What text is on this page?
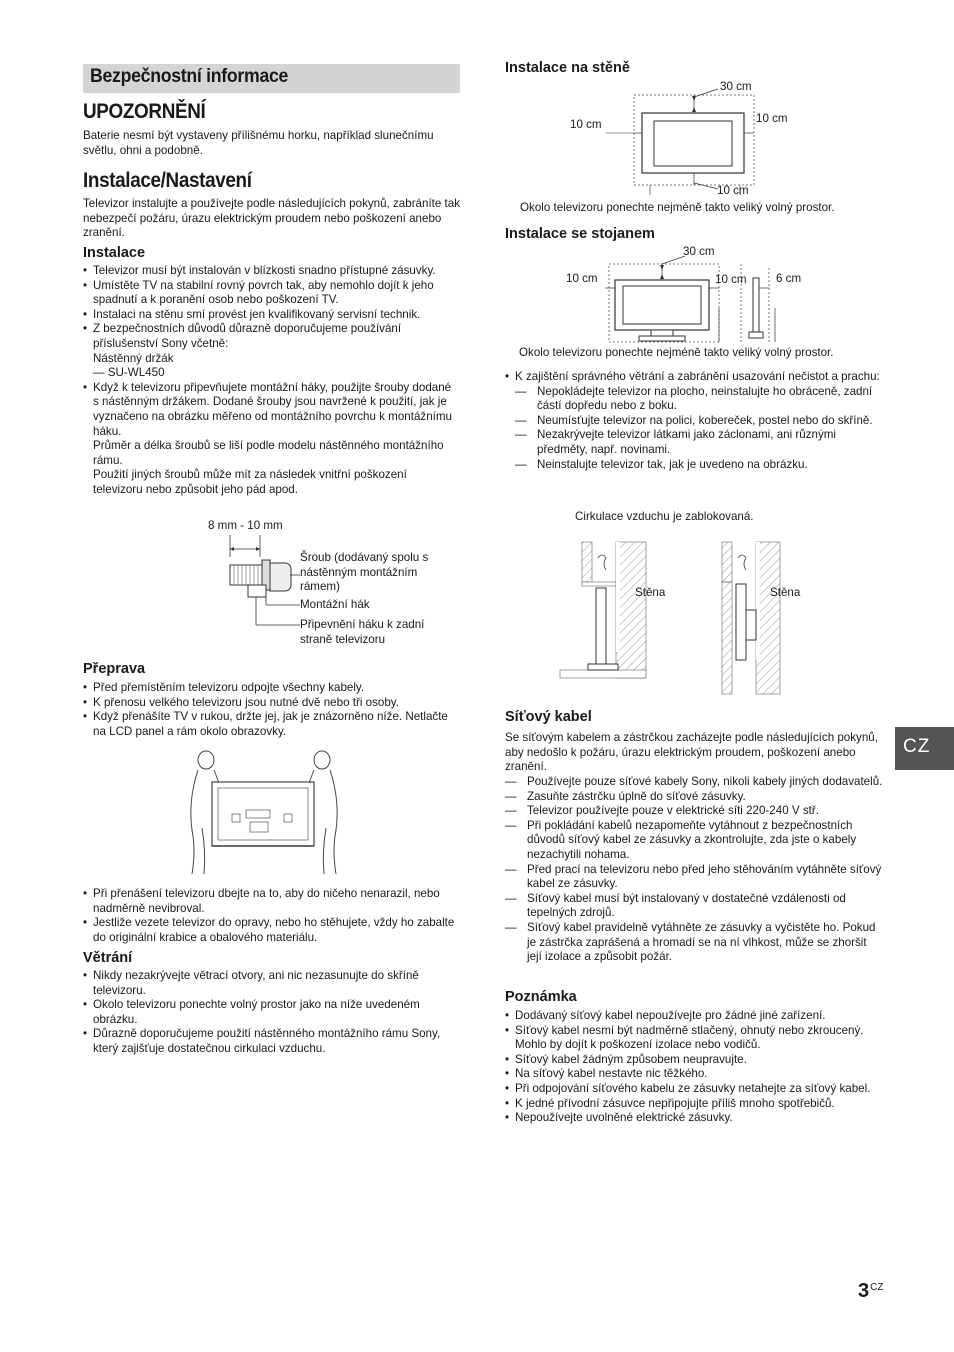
Bezpečnostní informace
UPOZORNĚNÍ

Baterie nesmí být vystaveny přílišnému horku, například slunečnímu světlu, ohni a podobně.

Instalace/Nastavení

Televizor instalujte a používejte podle následujících pokynů, zabráníte tak nebezpečí požáru, úrazu elektrickým proudem nebo poškození anebo zranění.

Instalace
• Televizor musí být instalován v blízkosti snadno přístupné zásuvky.
• Umístěte TV na stabilní rovný povrch tak, aby nemohlo dojít k jeho spadnutí a k poranění osob nebo poškození TV.
• Instalaci na stěnu smí provést jen kvalifikovaný servisní technik.
• Z bezpečnostních důvodů důrazně doporučujeme používání příslušenství Sony včetně:
Nástěnný držák
— SU-WL450
• Když k televizoru připevňujete montážní háky, použijte šrouby dodané s nástěnným držákem. Dodané šrouby jsou navržené k použití, jak je vyznačeno na obrázku měřeno od montážního povrchu k montážnímu háku.
Průměr a délka šroubů se liší podle modelu nástěnného montážního rámu.
Použití jiných šroubů může mít za následek vnitřní poškození televizoru nebo způsobit jeho pád apod.
8 mm - 10 mm
Šroub (dodávaný spolu s nástěnným montážním rámem)
Montážní hák
Připevnění háku k zadní straně televizoru
Přeprava
• Před přemístěním televizoru odpojte všechny kabely.
• K přenosu velkého televizoru jsou nutné dvě nebo tři osoby.
• Když přenášíte TV v rukou, držte jej, jak je znázorněno níže. Netlačte na LCD panel a rám okolo obrazovky.
• Při přenášení televizoru dbejte na to, aby do ničeho nenarazil, nebo nadměrně nevibroval.
• Jestliže vezete televizor do opravy, nebo ho stěhujete, vždy ho zabalte do originální krabice a obalového materiálu.
Větrání
• Nikdy nezakrývejte větrací otvory, ani nic nezasunujte do skříně televizoru.
• Okolo televizoru ponechte volný prostor jako na níže uvedeném obrázku.
• Důrazně doporučujeme použití nástěnného montážního rámu Sony, který zajišťuje dostatečnou cirkulaci vzduchu.
Instalace na stěně
30 cm
10 cm	10 cm
10 cm
Okolo televizoru ponechte nejméně takto veliký volný prostor.
Instalace se stojanem
30 cm
10 cm	10 cm	6 cm
Okolo televizoru ponechte nejméně takto veliký volný prostor.
• K zajištění správného větrání a zabránění usazování nečistot a prachu:
— Nepokládejte televizor na plocho, neinstalujte ho obráceně, zadní částí dopředu nebo z boku.
— Neumísťujte televizor na polici, kobereček, postel nebo do skříně.
— Nezakrývejte televizor látkami jako záclonami, ani různými předměty, např. novinami.
— Neinstalujte televizor tak, jak je uvedeno na obrázku.
Cirkulace vzduchu je zablokovaná.
Stěna	Stěna
Síťový kabel

Se síťovým kabelem a zástrčkou zacházejte podle následujících pokynů, aby nedošlo k požáru, úrazu elektrickým proudem, poškození anebo zranění.

— Používejte pouze síťové kabely Sony, nikoli kabely jiných dodavatelů.
— Zasuňte zástrčku úplně do síťové zásuvky.
— Televizor používejte pouze v elektrické síti 220-240 V stř.
— Při pokládání kabelů nezapomeňte vytáhnout z bezpečnostních důvodů síťový kabel ze zásuvky a zkontrolujte, zda jste o kabely nezachytili nohama.
— Před prací na televizoru nebo před jeho stěhováním vytáhněte síťový kabel ze zásuvky.
— Síťový kabel musí být instalovaný v dostatečné vzdálenosti od tepelných zdrojů.
— Síťový kabel pravidelně vytáhněte ze zásuvky a vyčistěte ho. Pokud je zástrčka zaprášená a hromadí se na ní vlhkost, může se zhoršit její izolace a způsobit požár.
Poznámka
• Dodávaný síťový kabel nepoužívejte pro žádné jiné zařízení.
• Síťový kabel nesmí být nadměrně stlačený, ohnutý nebo zkroucený. Mohlo by dojít k poškození izolace nebo vodičů.
• Síťový kabel žádným způsobem neupravujte.
• Na síťový kabel nestavte nic těžkého.
• Při odpojování síťového kabelu ze zásuvky netahejte za síťový kabel.
• K jedné přívodní zásuvce nepřipojujte příliš mnoho spotřebičů.
• Nepoužívejte uvolněné elektrické zásuvky.
CZ
$3^{CZ}$
